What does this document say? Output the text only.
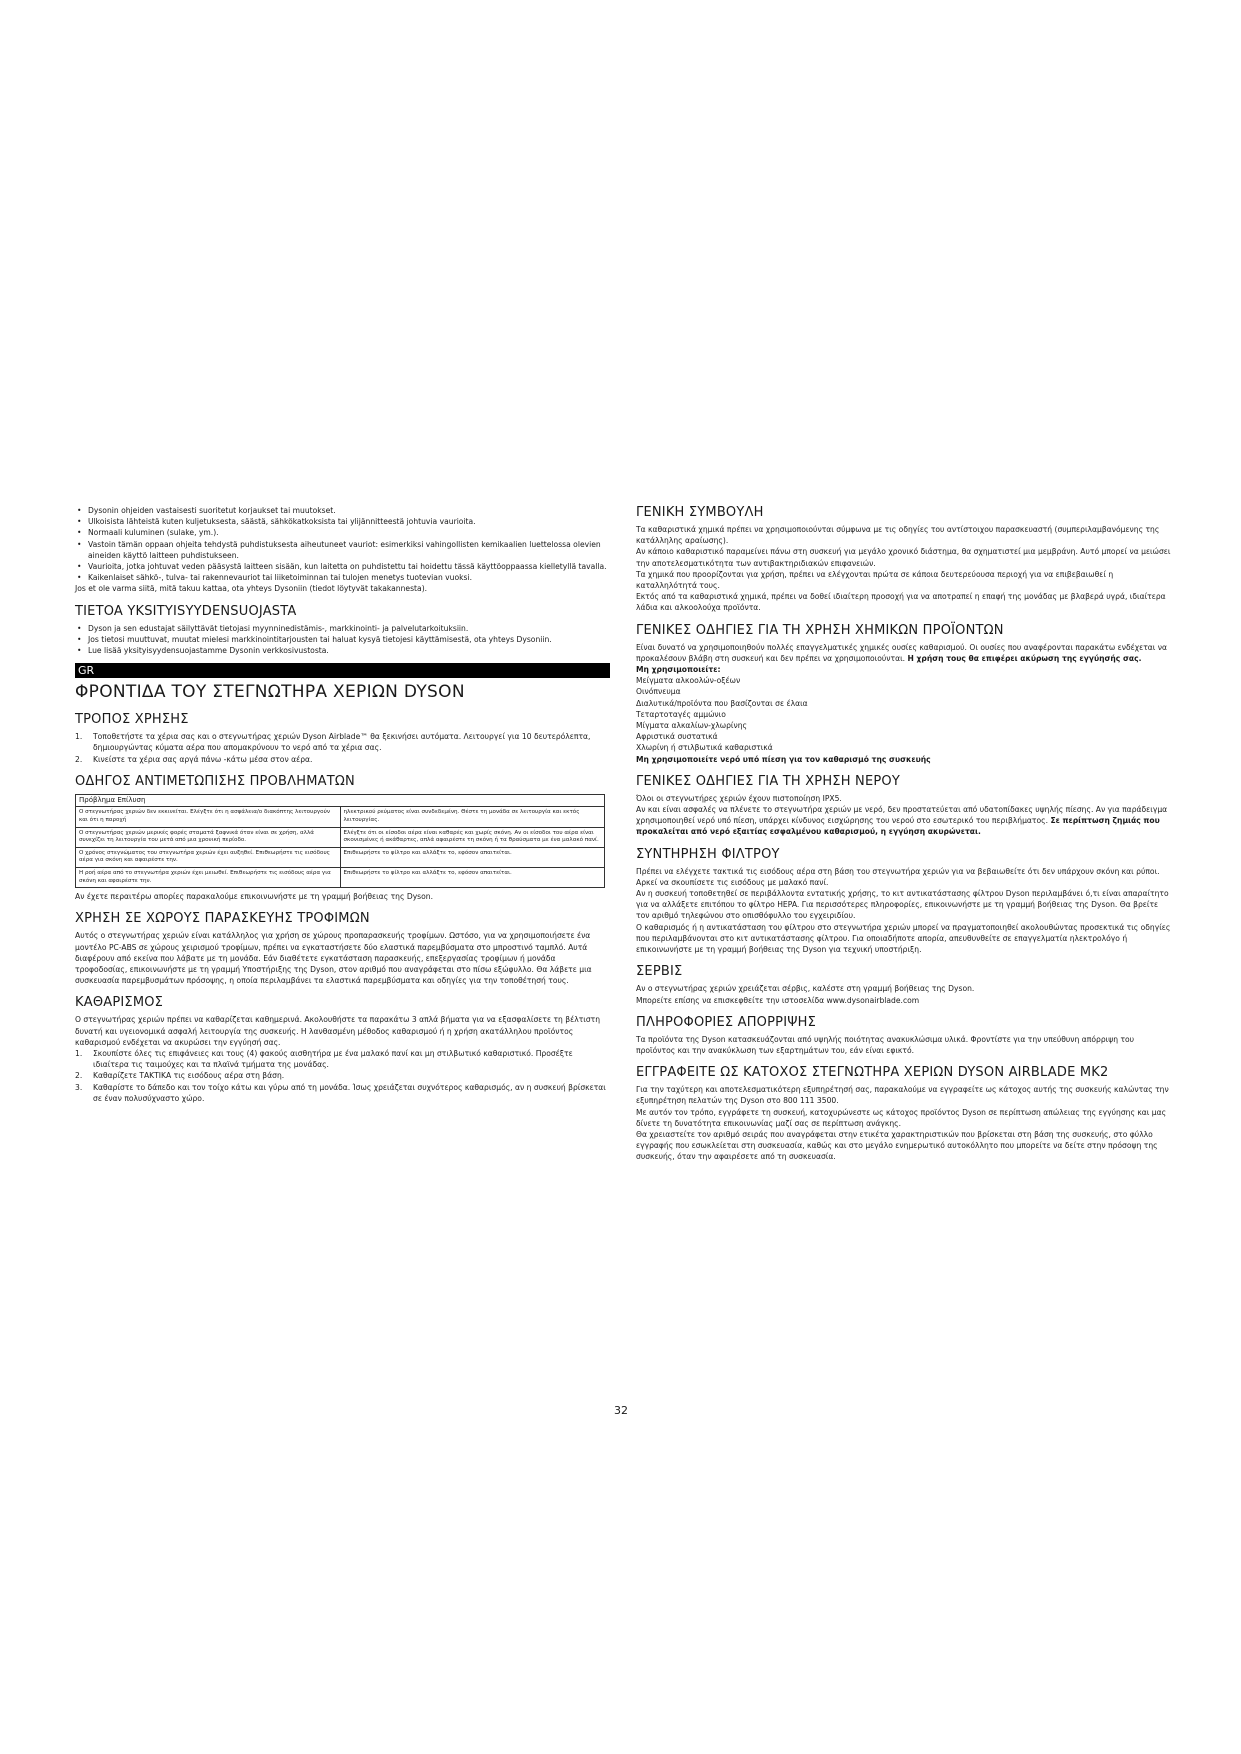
• Dysonin ohjeiden vastaisesti suoritetut korjaukset tai muutokset.
• Ulkoisista lähteistä kuten kuljetuksesta, säästä, sähkökatkoksista tai ylijännitteestä johtuvia vaurioita.
• Normaali kuluminen (sulake, ym.).
• Vastoin tämän oppaan ohjeita tehdystä puhdistuksesta aiheutuneet vauriot: esimerkiksi vahingollisten kemikaalien luettelossa olevien aineiden käyttö laitteen puhdistukseen.
• Vaurioita, jotka johtuvat veden pääsystä laitteen sisään, kun laitetta on puhdistettu tai hoidettu tässä käyttöoppaassa kielletyllä tavalla.
• Kaikenlaiset sähkö-, tulva- tai rakennevauriot tai liiketoiminnan tai tulojen menetys tuotevian vuoksi.

Jos et ole varma siitä, mitä takuu kattaa, ota yhteys Dysoniin (tiedot löytyvät takakannesta).

TIETOA YKSITYISYYDENSUOJASTA
• Dyson ja sen edustajat säilyttävät tietojasi myynninedistämis-, markkinointi- ja palvelutarkoituksiin.
• Jos tietosi muuttuvat, muutat mielesi markkinointitarjousten tai haluat kysyä tietojesi käyttämisestä, ota yhteys Dysoniin.
• Lue lisää yksityisyydensuojastamme Dysonin verkkosivustosta.
GR
ΦΡΟΝΤΙΔΑ ΤΟΥ ΣΤΕΓΝΩΤΗΡΑ ΧΕΡΙΩΝ DYSON
ΤΡΟΠΟΣ ΧΡΗΣΗΣ
1. Τοποθετήστε τα χέρια σας και ο στεγνωτήρας χεριών Dyson Airblade™ θα ξεκινήσει αυτόματα. Λειτουργεί για 10 δευτερόλεπτα, δημιουργώντας κύματα αέρα που απομακρύνουν το νερό από τα χέρια σας.
2. Κινείστε τα χέρια σας αργά πάνω -κάτω μέσα στον αέρα.
ΟΔΗΓΟΣ ΑΝΤΙΜΕΤΩΠΙΣΗΣ ΠΡΟΒΛΗΜΑΤΩΝ
Πρόβλημα Επίλυση	
Ο στεγνωτήρας χεριών δεν εκκινείται. Ελέγξτε ότι η ασφάλεια/ο διακόπτης λειτουργούν και ότι η παροχή	ηλεκτρικού ρεύματος είναι συνδεδεμένη. Θέστε τη μονάδα σε λειτουργία και εκτός λειτουργίας.
Ο στεγνωτήρας χεριών μερικές φορές σταματά ξαφνικά όταν είναι σε χρήση, αλλά συνεχίζει τη λειτουργία του μετά από μια χρονική περίοδο.	Ελέγξτε ότι οι είσοδοι αέρα είναι καθαρές και χωρίς σκόνη. Αν οι είσοδοι του αέρα είναι σκονισμένες ή ακάθαρτες, απλά αφαιρέστε τη σκόνη ή τα θραύσματα με ένα μαλακό πανί.
Ο χρόνος στεγνώματος του στεγνωτήρα χεριών έχει αυξηθεί. Επιθεωρήστε τις εισόδους αέρα για σκόνη και αφαιρέστε την.	Επιθεωρήστε το φίλτρο και αλλάξτε το, εφόσον απαιτείται.
Η ροή αέρα από το στεγνωτήρα χεριών έχει μειωθεί. Επιθεωρήστε τις εισόδους αέρα για σκόνη και αφαιρέστε την.	Επιθεωρήστε το φίλτρο και αλλάξτε το, εφόσον απαιτείται.

Αν έχετε περαιτέρω απορίες παρακαλούμε επικοινωνήστε με τη γραμμή βοήθειας της Dyson.

ΧΡΗΣΗ ΣΕ ΧΩΡΟΥΣ ΠΑΡΑΣΚΕΥΗΣ ΤΡΟΦΙΜΩΝ

Αυτός ο στεγνωτήρας χεριών είναι κατάλληλος για χρήση σε χώρους προπαρασκευής τροφίμων. Ωστόσο, για να χρησιμοποιήσετε ένα μοντέλο PC-ABS σε χώρους χειρισμού τροφίμων, πρέπει να εγκαταστήσετε δύο ελαστικά παρεμβύσματα στο μπροστινό ταμπλό. Αυτά διαφέρουν από εκείνα που λάβατε με τη μονάδα. Εάν διαθέτετε εγκατάσταση παρασκευής, επεξεργασίας τροφίμων ή μονάδα τροφοδοσίας, επικοινωνήστε με τη γραμμή Υποστήριξης της Dyson, στον αριθμό που αναγράφεται στο πίσω εξώφυλλο. Θα λάβετε μια συσκευασία παρεμβυσμάτων πρόσοψης, η οποία περιλαμβάνει τα ελαστικά παρεμβύσματα και οδηγίες για την τοποθέτησή τους.

ΚΑΘΑΡΙΣΜΟΣ

Ο στεγνωτήρας χεριών πρέπει να καθαρίζεται καθημερινά. Ακολουθήστε τα παρακάτω 3 απλά βήματα για να εξασφαλίσετε τη βέλτιστη δυνατή και υγειονομικά ασφαλή λειτουργία της συσκευής. Η λανθασμένη μέθοδος καθαρισμού ή η χρήση ακατάλληλου προϊόντος καθαρισμού ενδέχεται να ακυρώσει την εγγύησή σας.

1. Σκουπίστε όλες τις επιφάνειες και τους (4) φακούς αισθητήρα με ένα μαλακό πανί και μη στιλβωτικό καθαριστικό. Προσέξτε ιδιαίτερα τις ταιμούχες και τα πλαϊνά τμήματα της μονάδας.
2. Καθαρίζετε ΤΑΚΤΙΚΑ τις εισόδους αέρα στη βάση.
3. Καθαρίστε το δάπεδο και τον τοίχο κάτω και γύρω από τη μονάδα. Ίσως χρειάζεται συχνότερος καθαρισμός, αν η συσκευή βρίσκεται σε έναν πολυσύχναστο χώρο.
ΓΕΝΙΚΗ ΣΥΜΒΟΥΛΗ

Τα καθαριστικά χημικά πρέπει να χρησιμοποιούνται σύμφωνα με τις οδηγίες του αντίστοιχου παρασκευαστή (συμπεριλαμβανόμενης της κατάλληλης αραίωσης).

Αν κάποιο καθαριστικό παραμείνει πάνω στη συσκευή για μεγάλο χρονικό διάστημα, θα σχηματιστεί μια μεμβράνη. Αυτό μπορεί να μειώσει την αποτελεσματικότητα των αντιβακτηριδιακών επιφανειών.

Τα χημικά που προορίζονται για χρήση, πρέπει να ελέγχονται πρώτα σε κάποια δευτερεύουσα περιοχή για να επιβεβαιωθεί η καταλληλότητά τους.

Εκτός από τα καθαριστικά χημικά, πρέπει να δοθεί ιδιαίτερη προσοχή για να αποτραπεί η επαφή της μονάδας με βλαβερά υγρά, ιδιαίτερα λάδια και αλκοολούχα προϊόντα.

ΓΕΝΙΚΕΣ ΟΔΗΓΙΕΣ ΓΙΑ ΤΗ ΧΡΗΣΗ ΧΗΜΙΚΩΝ ΠΡΟΪΟΝΤΩΝ

Είναι δυνατό να χρησιμοποιηθούν πολλές επαγγελματικές χημικές ουσίες καθαρισμού. Οι ουσίες που αναφέρονται παρακάτω ενδέχεται να προκαλέσουν βλάβη στη συσκευή και δεν πρέπει να χρησιμοποιούνται. Η χρήση τους θα επιφέρει ακύρωση της εγγύησής σας.

Μη χρησιμοποιείτε:

Μείγματα αλκοολών-οξέων

Οινόπνευμα

Διαλυτικά/προϊόντα που βασίζονται σε έλαια

Τεταρτοταγές αμμώνιο

Μίγματα αλκαλίων-χλωρίνης

Αφριστικά συστατικά

Χλωρίνη ή στιλβωτικά καθαριστικά

Μη χρησιμοποιείτε νερό υπό πίεση για τον καθαρισμό της συσκευής

ΓΕΝΙΚΕΣ ΟΔΗΓΙΕΣ ΓΙΑ ΤΗ ΧΡΗΣΗ ΝΕΡΟΥ

Όλοι οι στεγνωτήρες χεριών έχουν πιστοποίηση IPX5.

Αν και είναι ασφαλές να πλένετε το στεγνωτήρα χεριών με νερό, δεν προστατεύεται από υδατοπίδακες υψηλής πίεσης. Αν για παράδειγμα χρησιμοποιηθεί νερό υπό πίεση, υπάρχει κίνδυνος εισχώρησης του νερού στο εσωτερικό του περιβλήματος. Σε περίπτωση ζημιάς που προκαλείται από νερό εξαιτίας εσφαλμένου καθαρισμού, η εγγύηση ακυρώνεται.

ΣΥΝΤΗΡΗΣΗ ΦΙΛΤΡΟΥ

Πρέπει να ελέγχετε τακτικά τις εισόδους αέρα στη βάση του στεγνωτήρα χεριών για να βεβαιωθείτε ότι δεν υπάρχουν σκόνη και ρύποι. Αρκεί να σκουπίσετε τις εισόδους με μαλακό πανί.

Αν η συσκευή τοποθετηθεί σε περιβάλλοντα εντατικής χρήσης, το κιτ αντικατάστασης φίλτρου Dyson περιλαμβάνει ό,τι είναι απαραίτητο για να αλλάξετε επιτόπου το φίλτρο HEPA. Για περισσότερες πληροφορίες, επικοινωνήστε με τη γραμμή βοήθειας της Dyson. Θα βρείτε τον αριθμό τηλεφώνου στο οπισθόφυλλο του εγχειριδίου.

Ο καθαρισμός ή η αντικατάσταση του φίλτρου στο στεγνωτήρα χεριών μπορεί να πραγματοποιηθεί ακολουθώντας προσεκτικά τις οδηγίες που περιλαμβάνονται στο κιτ αντικατάστασης φίλτρου. Για οποιαδήποτε απορία, απευθυνθείτε σε επαγγελματία ηλεκτρολόγο ή επικοινωνήστε με τη γραμμή βοήθειας της Dyson για τεχνική υποστήριξη.

ΣΕΡΒΙΣ

Αν ο στεγνωτήρας χεριών χρειάζεται σέρβις, καλέστε στη γραμμή βοήθειας της Dyson.

Μπορείτε επίσης να επισκεφθείτε την ιστοσελίδα www.dysonairblade.com

ΠΛΗΡΟΦΟΡΙΕΣ ΑΠΟΡΡΙΨΗΣ

Τα προϊόντα της Dyson κατασκευάζονται από υψηλής ποιότητας ανακυκλώσιμα υλικά. Φροντίστε για την υπεύθυνη απόρριψη του προϊόντος και την ανακύκλωση των εξαρτημάτων του, εάν είναι εφικτό.

ΕΓΓΡΑΦΕΙΤΕ ΩΣ ΚΑΤΟΧΟΣ ΣΤΕΓΝΩΤΗΡΑ ΧΕΡΙΩΝ DYSON AIRBLADE MK2

Για την ταχύτερη και αποτελεσματικότερη εξυπηρέτησή σας, παρακαλούμε να εγγραφείτε ως κάτοχος αυτής της συσκευής καλώντας την εξυπηρέτηση πελατών της Dyson στο 800 111 3500.

Με αυτόν τον τρόπο, εγγράφετε τη συσκευή, κατοχυρώνεστε ως κάτοχος προϊόντος Dyson σε περίπτωση απώλειας της εγγύησης και μας δίνετε τη δυνατότητα επικοινωνίας μαζί σας σε περίπτωση ανάγκης.

Θα χρειαστείτε τον αριθμό σειράς που αναγράφεται στην ετικέτα χαρακτηριστικών που βρίσκεται στη βάση της συσκευής, στο φύλλο εγγραφής που εσωκλείεται στη συσκευασία, καθώς και στο μεγάλο ενημερωτικό αυτοκόλλητο που μπορείτε να δείτε στην πρόσοψη της συσκευής, όταν την αφαιρέσετε από τη συσκευασία.

32
